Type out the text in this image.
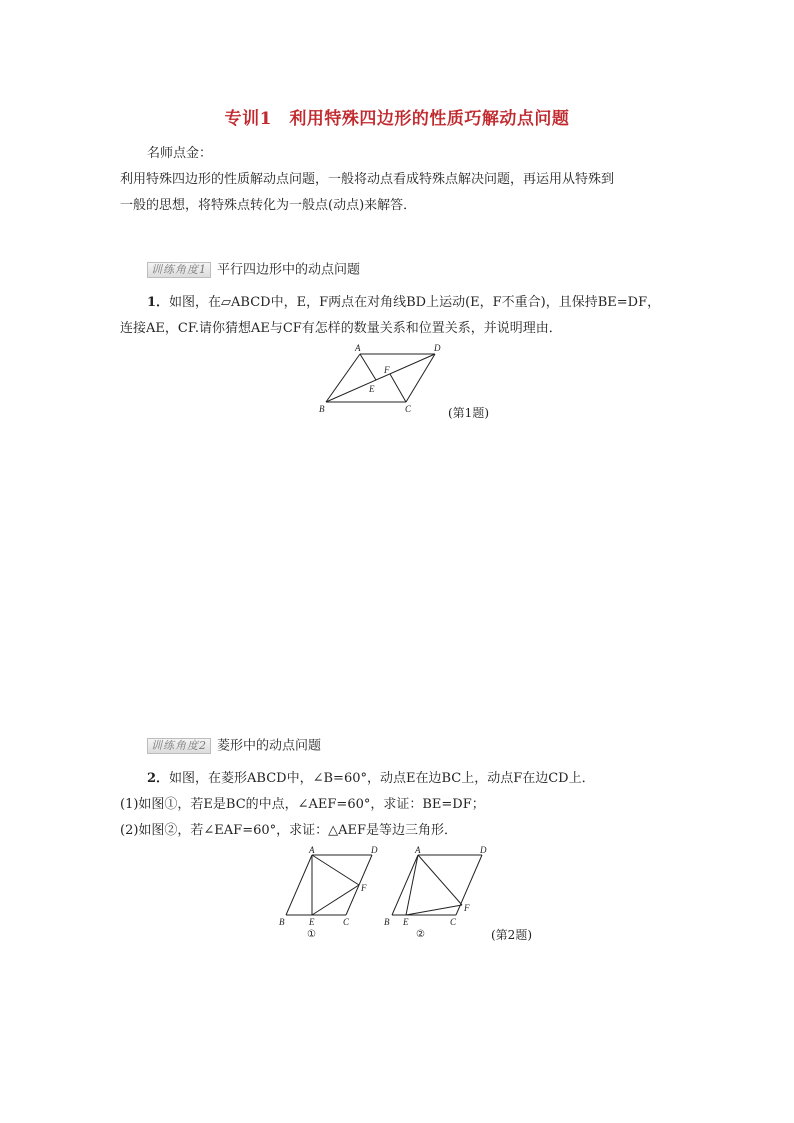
专训1　利用特殊四边形的性质巧解动点问题
名师点金：
利用特殊四边形的性质解动点问题，一般将动点看成特殊点解决问题，再运用从特殊到
一般的思想，将特殊点转化为一般点(动点)来解答．
训练角度1 平行四边形中的动点问题
1．如图，在▱ABCD中，E，F两点在对角线BD上运动(E，F不重合)，且保持BE=DF，
连接AE，CF.请你猜想AE与CF有怎样的数量关系和位置关系，并说明理由．
A	D
B	C
E
F
(第1题)
训练角度2 菱形中的动点问题
2．如图，在菱形ABCD中，∠B=60°，动点E在边BC上，动点F在边CD上．
(1)如图①，若E是BC的中点，∠AEF=60°，求证：BE=DF；
(2)如图②，若∠EAF=60°，求证：△AEF是等边三角形．
A	D
B	E	C
F
①
A	D
B E	C
F
②	(第2题)
